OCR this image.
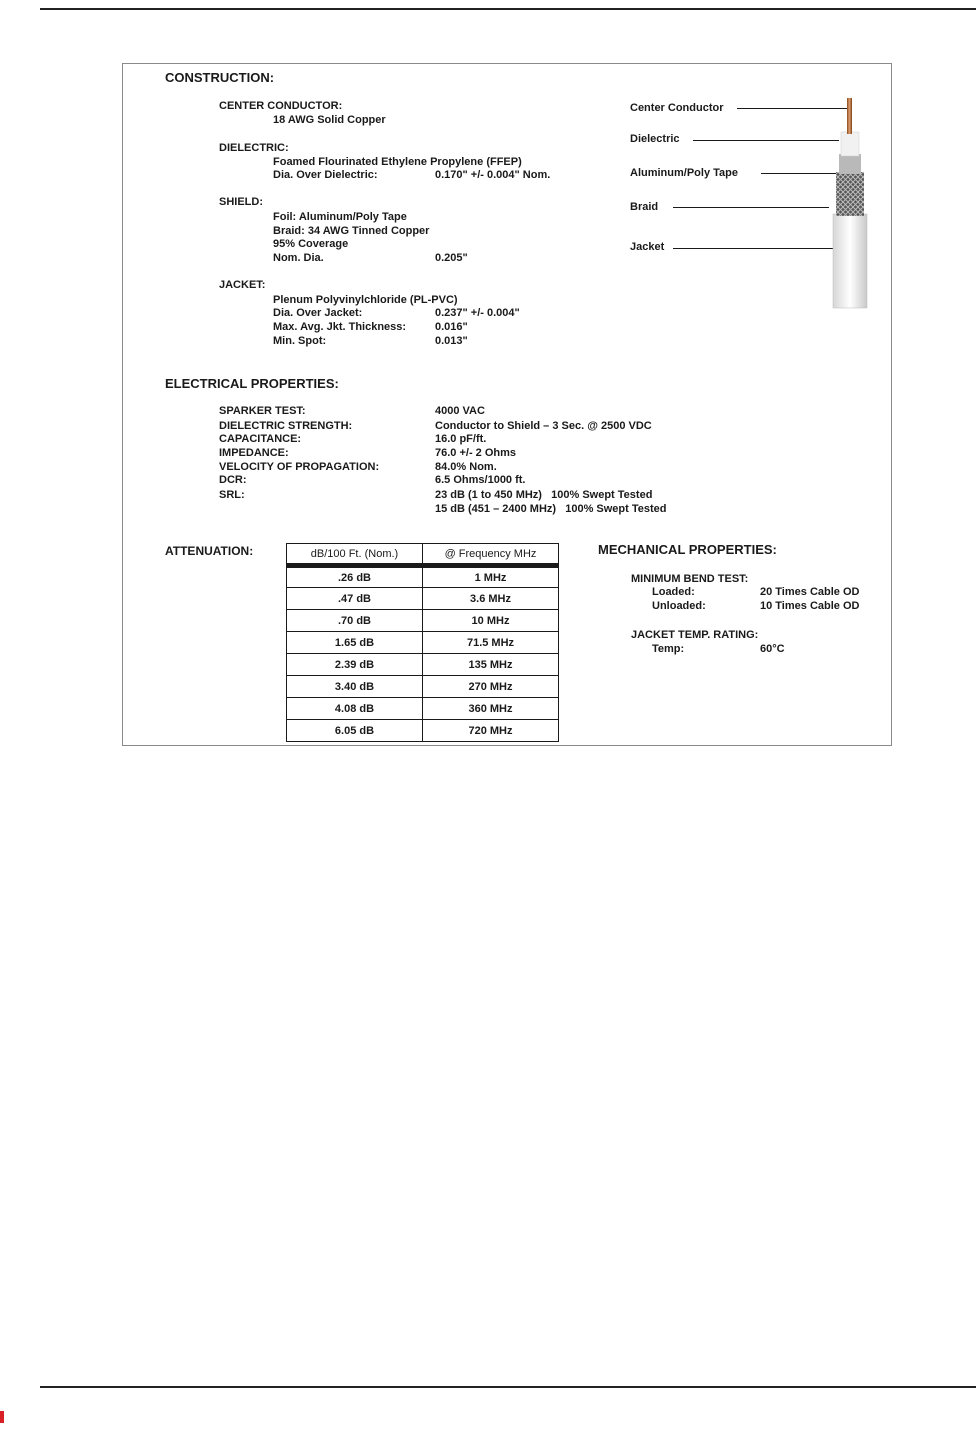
CONSTRUCTION:
CENTER CONDUCTOR:
18 AWG Solid Copper
DIELECTRIC:
Foamed Flourinated Ethylene Propylene (FFEP)
Dia. Over Dielectric:	0.170" +/- 0.004" Nom.
SHIELD:
Foil: Aluminum/Poly Tape
Braid: 34 AWG Tinned Copper
95% Coverage
Nom. Dia.	0.205"
JACKET:
Plenum Polyvinylchloride (PL-PVC)
Dia. Over Jacket:	0.237" +/- 0.004"
Max. Avg. Jkt. Thickness:	0.016"
Min. Spot:	0.013"
Center Conductor
Dielectric
Aluminum/Poly Tape
Braid
Jacket
ELECTRICAL PROPERTIES:
SPARKER TEST:	4000 VAC
DIELECTRIC STRENGTH:	Conductor to Shield – 3 Sec. @ 2500 VDC
CAPACITANCE:	16.0 pF/ft.
IMPEDANCE:	76.0 +/- 2 Ohms
VELOCITY OF PROPAGATION:	84.0% Nom.
DCR:	6.5 Ohms/1000 ft.
SRL:	23 dB (1 to 450 MHz)   100% Swept Tested
15 dB (451 – 2400 MHz)   100% Swept Tested
ATTENUATION:	dB/100 Ft. (Nom.)	@ Frequency MHz
.26 dB	1 MHz
.47 dB	3.6 MHz
.70 dB	10 MHz
1.65 dB	71.5 MHz
2.39 dB	135 MHz
3.40 dB	270 MHz
4.08 dB	360 MHz
6.05 dB	720 MHz
MECHANICAL PROPERTIES:
MINIMUM BEND TEST:
Loaded:	20 Times Cable OD
Unloaded:	10 Times Cable OD
JACKET TEMP. RATING:
Temp:	60°C
